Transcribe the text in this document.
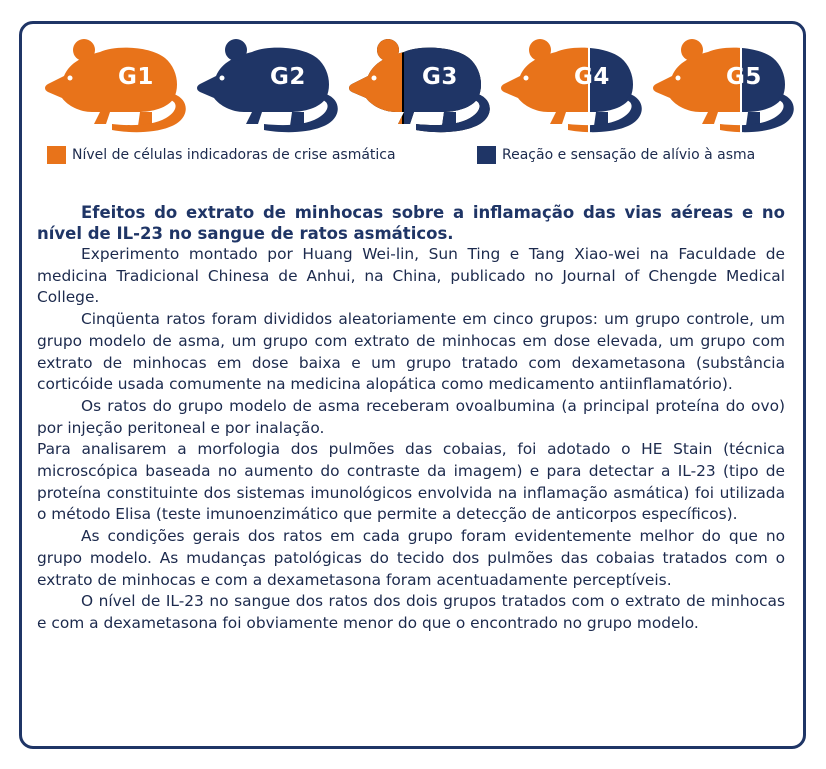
G1	G2	G3	G4	G5
Nível de células indicadoras de crise asmática	Reação e sensação de alívio à asma
Efeitos do extrato de minhocas sobre a inflamação das vias aéreas e no nível de IL-23 no sangue de ratos asmáticos.

Experimento montado por Huang Wei-lin, Sun Ting e Tang Xiao-wei na Faculdade de medicina Tradicional Chinesa de Anhui, na China, publicado no Journal of Chengde Medical College.

Cinqüenta ratos foram divididos aleatoriamente em cinco grupos: um grupo controle, um grupo modelo de asma, um grupo com extrato de minhocas em dose elevada, um grupo com extrato de minhocas em dose baixa e um grupo tratado com dexametasona (substância corticóide usada comumente na medicina alopática como medicamento antiinflamatório).

Os ratos do grupo modelo de asma receberam ovoalbumina (a principal proteína do ovo) por injeção peritoneal e por inalação.

Para analisarem a morfologia dos pulmões das cobaias, foi adotado o HE Stain (técnica microscópica baseada no aumento do contraste da imagem) e para detectar a IL-23 (tipo de proteína constituinte dos sistemas imunológicos envolvida na inflamação asmática) foi utilizada o método Elisa (teste imunoenzimático que permite a detecção de anticorpos específicos).

As condições gerais dos ratos em cada grupo foram evidentemente melhor do que no grupo modelo. As mudanças patológicas do tecido dos pulmões das cobaias tratados com o extrato de minhocas e com a dexametasona foram acentuadamente perceptíveis.

O nível de IL-23 no sangue dos ratos dos dois grupos tratados com o extrato de minhocas e com a dexametasona foi obviamente menor do que o encontrado no grupo modelo.
